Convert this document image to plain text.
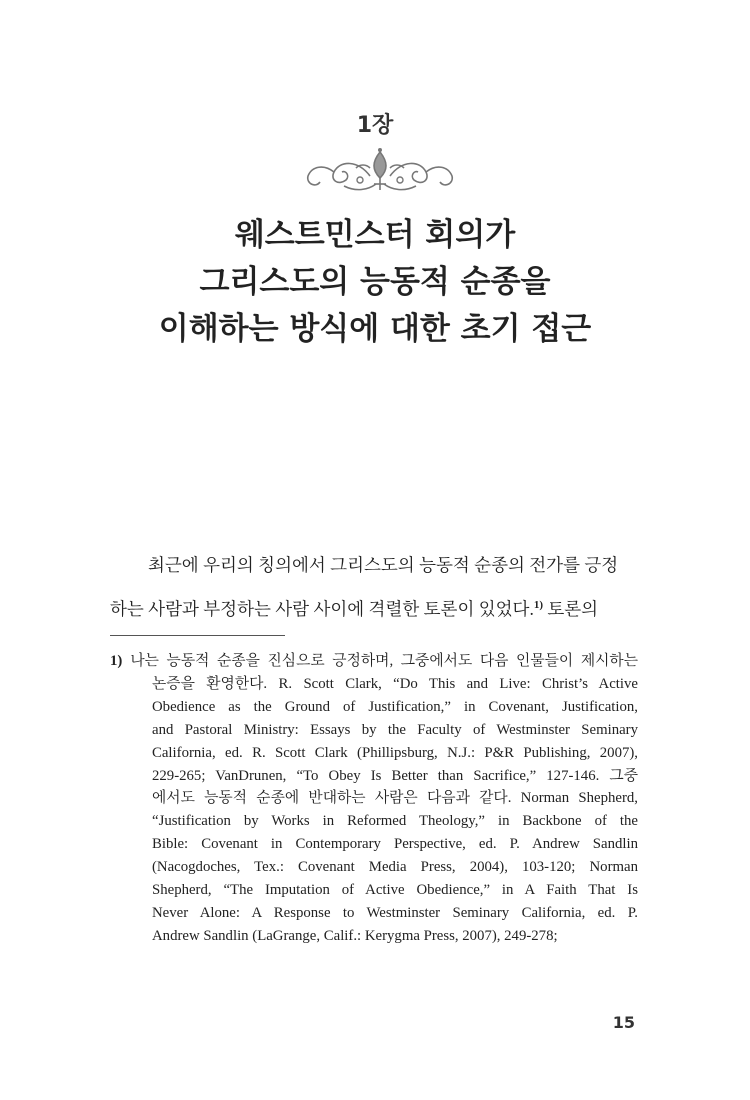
1장
웨스트민스터 회의가
그리스도의 능동적 순종을
이해하는 방식에 대한 초기 접근
최근에 우리의 칭의에서 그리스도의 능동적 순종의 전가를 긍정
하는 사람과 부정하는 사람 사이에 격렬한 토론이 있었다.$^{1)}$ 토론의
1) 나는 능동적 순종을 진심으로 긍정하며, 그중에서도 다음 인물들이 제시하는
논증을 환영한다. R. Scott Clark, “Do This and Live: Christ’s Active
Obedience as the Ground of Justification,” in Covenant, Justification,
and Pastoral Ministry: Essays by the Faculty of Westminster Seminary
California, ed. R. Scott Clark (Phillipsburg, N.J.: P&R Publishing, 2007),
229-265; VanDrunen, “To Obey Is Better than Sacrifice,” 127-146. 그중
에서도 능동적 순종에 반대하는 사람은 다음과 같다. Norman Shepherd,
“Justification by Works in Reformed Theology,” in Backbone of the
Bible: Covenant in Contemporary Perspective, ed. P. Andrew Sandlin
(Nacogdoches, Tex.: Covenant Media Press, 2004), 103-120; Norman
Shepherd, “The Imputation of Active Obedience,” in A Faith That Is
Never Alone: A Response to Westminster Seminary California, ed. P.
Andrew Sandlin (LaGrange, Calif.: Kerygma Press, 2007), 249-278;
15
